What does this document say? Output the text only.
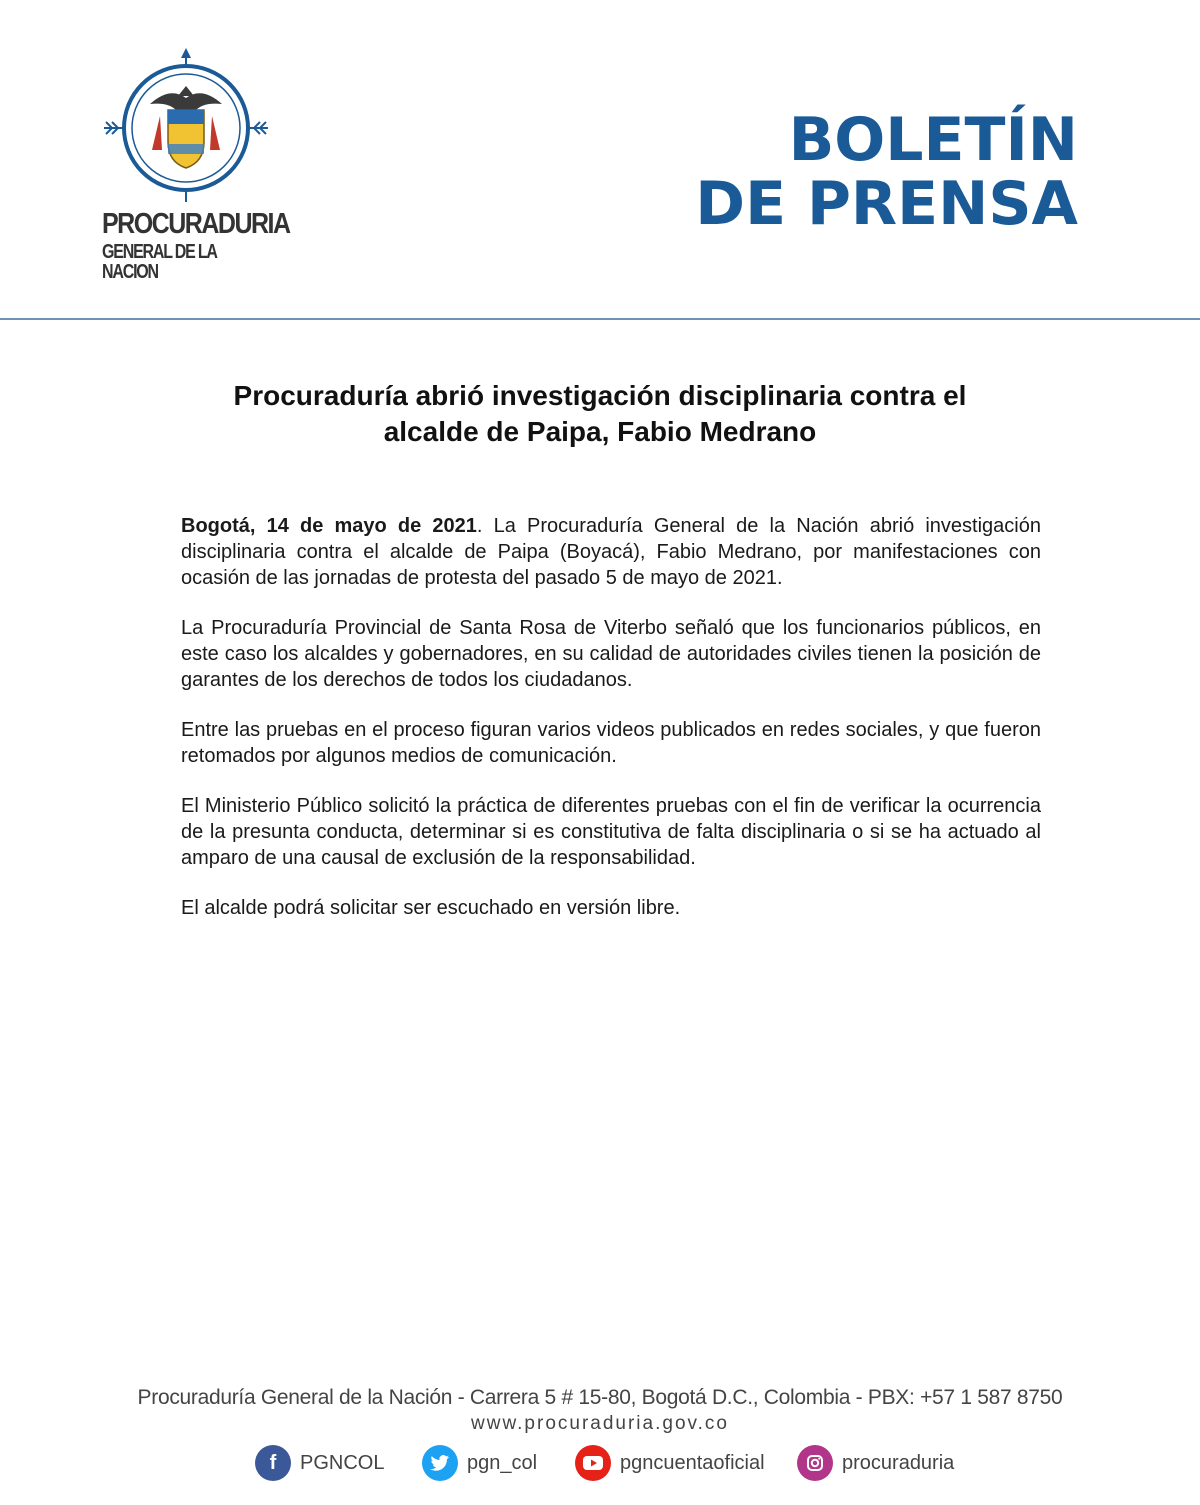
PROCURADURIA
GENERAL DE LA NACION
BOLETÍN
DE PRENSA
Procuraduría abrió investigación disciplinaria contra el
alcalde de Paipa, Fabio Medrano

Bogotá, 14 de mayo de 2021. La Procuraduría General de la Nación abrió investigación disciplinaria contra el alcalde de Paipa (Boyacá), Fabio Medrano, por manifestaciones con ocasión de las jornadas de protesta del pasado 5 de mayo de 2021.

La Procuraduría Provincial de Santa Rosa de Viterbo señaló que los funcionarios públicos, en este caso los alcaldes y gobernadores, en su calidad de autoridades civiles tienen la posición de garantes de los derechos de todos los ciudadanos.

Entre las pruebas en el proceso figuran varios videos publicados en redes sociales, y que fueron retomados por algunos medios de comunicación.

El Ministerio Público solicitó la práctica de diferentes pruebas con el fin de verificar la ocurrencia de la presunta conducta, determinar si es constitutiva de falta disciplinaria o si se ha actuado al amparo de una causal de exclusión de la responsabilidad.

El alcalde podrá solicitar ser escuchado en versión libre.

Procuraduría General de la Nación - Carrera 5 # 15-80, Bogotá D.C., Colombia - PBX: +57 1 587 8750
www.procuraduria.gov.co
f	PGNCOL	pgn_col	pgncuentaoficial	procuraduria
